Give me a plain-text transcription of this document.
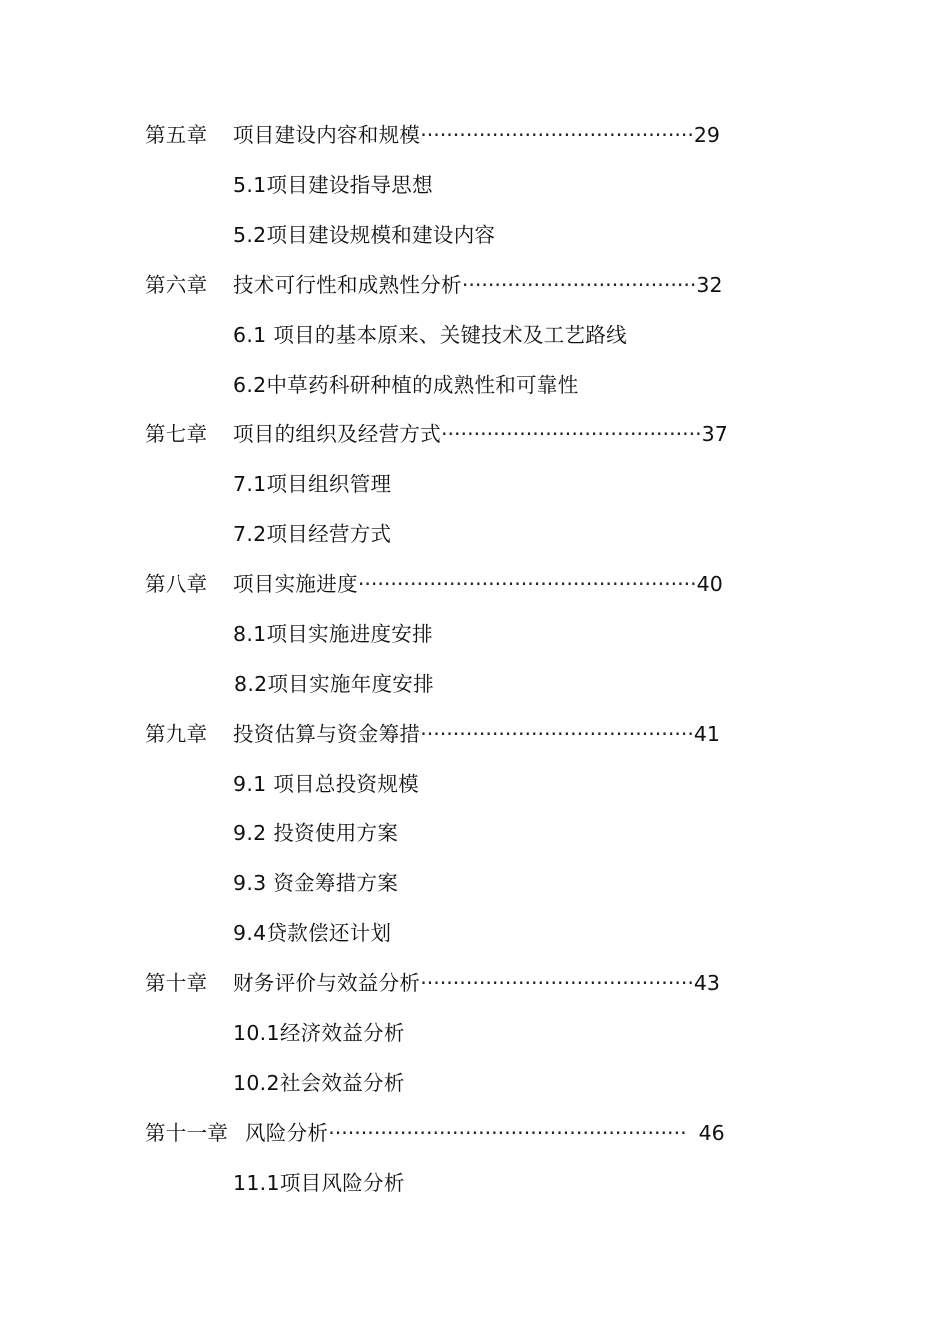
第五章 项目建设内容和规模··········································29
5.1项目建设指导思想
5.2项目建设规模和建设内容
第六章 技术可行性和成熟性分析····································32
6.1 项目的基本原来、关键技术及工艺路线
6.2中草药科研种植的成熟性和可靠性
第七章 项目的组织及经营方式········································37
7.1项目组织管理
7.2项目经营方式
第八章 项目实施进度····················································40
8.1项目实施进度安排
8.2项目实施年度安排
第九章 投资估算与资金筹措··········································41
9.1 项目总投资规模
9.2 投资使用方案
9.3 资金筹措方案
9.4贷款偿还计划
第十章 财务评价与效益分析··········································43
10.1经济效益分析
10.2社会效益分析
第十一章 风险分析······················································· 46
11.1项目风险分析
